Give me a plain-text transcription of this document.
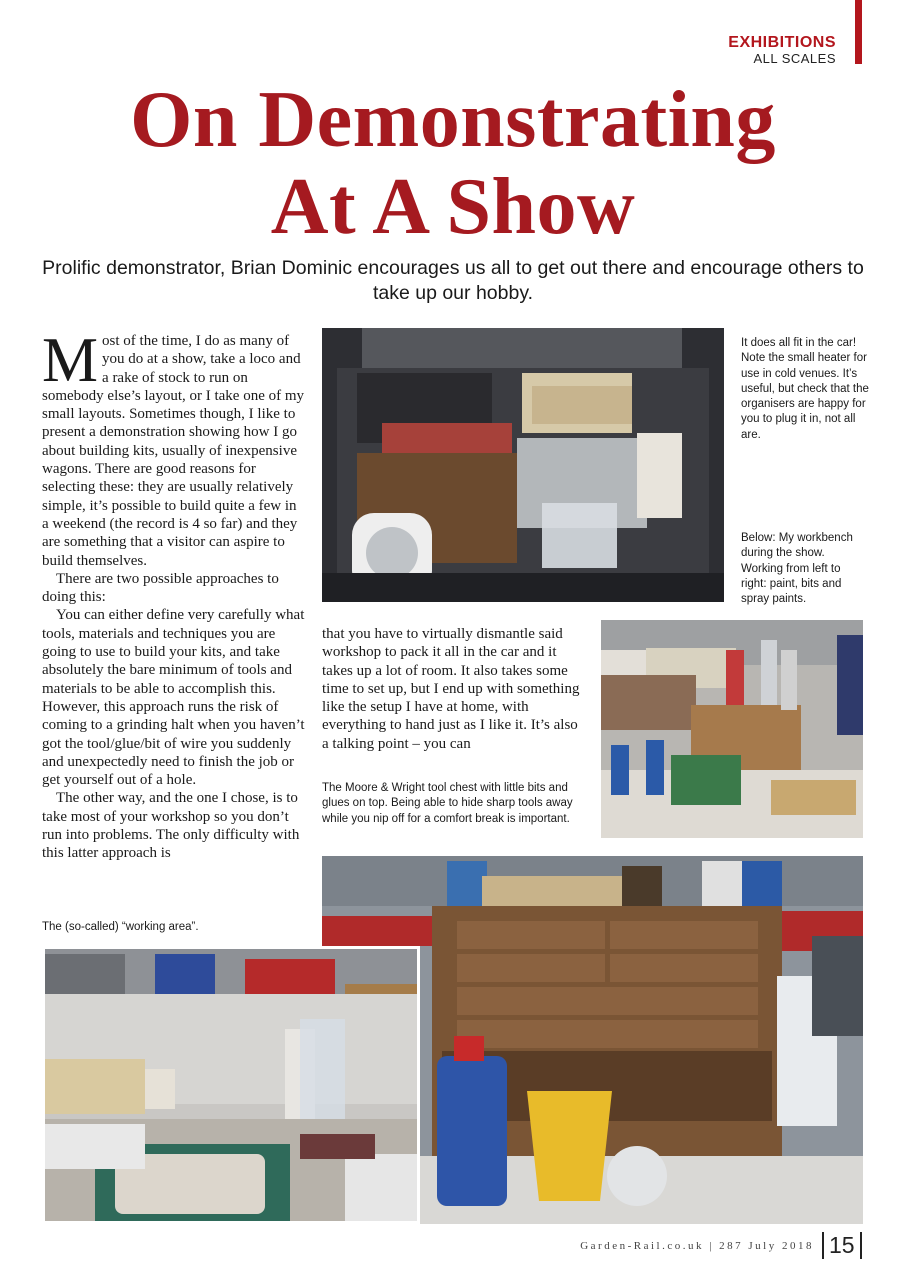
EXHIBITIONS
ALL SCALES
On Demonstrating
At A Show
Prolific demonstrator, Brian Dominic encourages us all to get out there and encourage others to take up our hobby.

Most of the time, I do as many of you do at a show, take a loco and a rake of stock to run on somebody else’s layout, or I take one of my small layouts. Sometimes though, I like to present a demonstration showing how I go about building kits, usually of inexpensive wagons. There are good reasons for selecting these: they are usually relatively simple, it’s possible to build quite a few in a weekend (the record is 4 so far) and they are something that a visitor can aspire to build themselves.

There are two possible approaches to doing this:

You can either define very carefully what tools, materials and techniques you are going to use to build your kits, and take absolutely the bare minimum of tools and materials to be able to accomplish this. However, this approach runs the risk of coming to a grinding halt when you haven’t got the tool/glue/bit of wire you suddenly and unexpectedly need to finish the job or get yourself out of a hole.

The other way, and the one I chose, is to take most of your workshop so you don’t run into problems. The only difficulty with this latter approach is

that you have to virtually dismantle said workshop to pack it all in the car and it takes up a lot of room. It also takes some time to set up, but I end up with something like the setup I have at home, with everything to hand just as I like it. It’s also a talking point – you can

It does all fit in the car! Note the small heater for use in cold venues. It’s useful, but check that the organisers are happy for you to plug it in, not all are.
Below: My workbench during the show. Working from left to right: paint, bits and spray paints.
The Moore & Wright tool chest with little bits and glues on top. Being able to hide sharp tools away while you nip off for a comfort break is important.
The (so-called) “working area”.
Garden-Rail.co.uk | 287 July 2018 15
